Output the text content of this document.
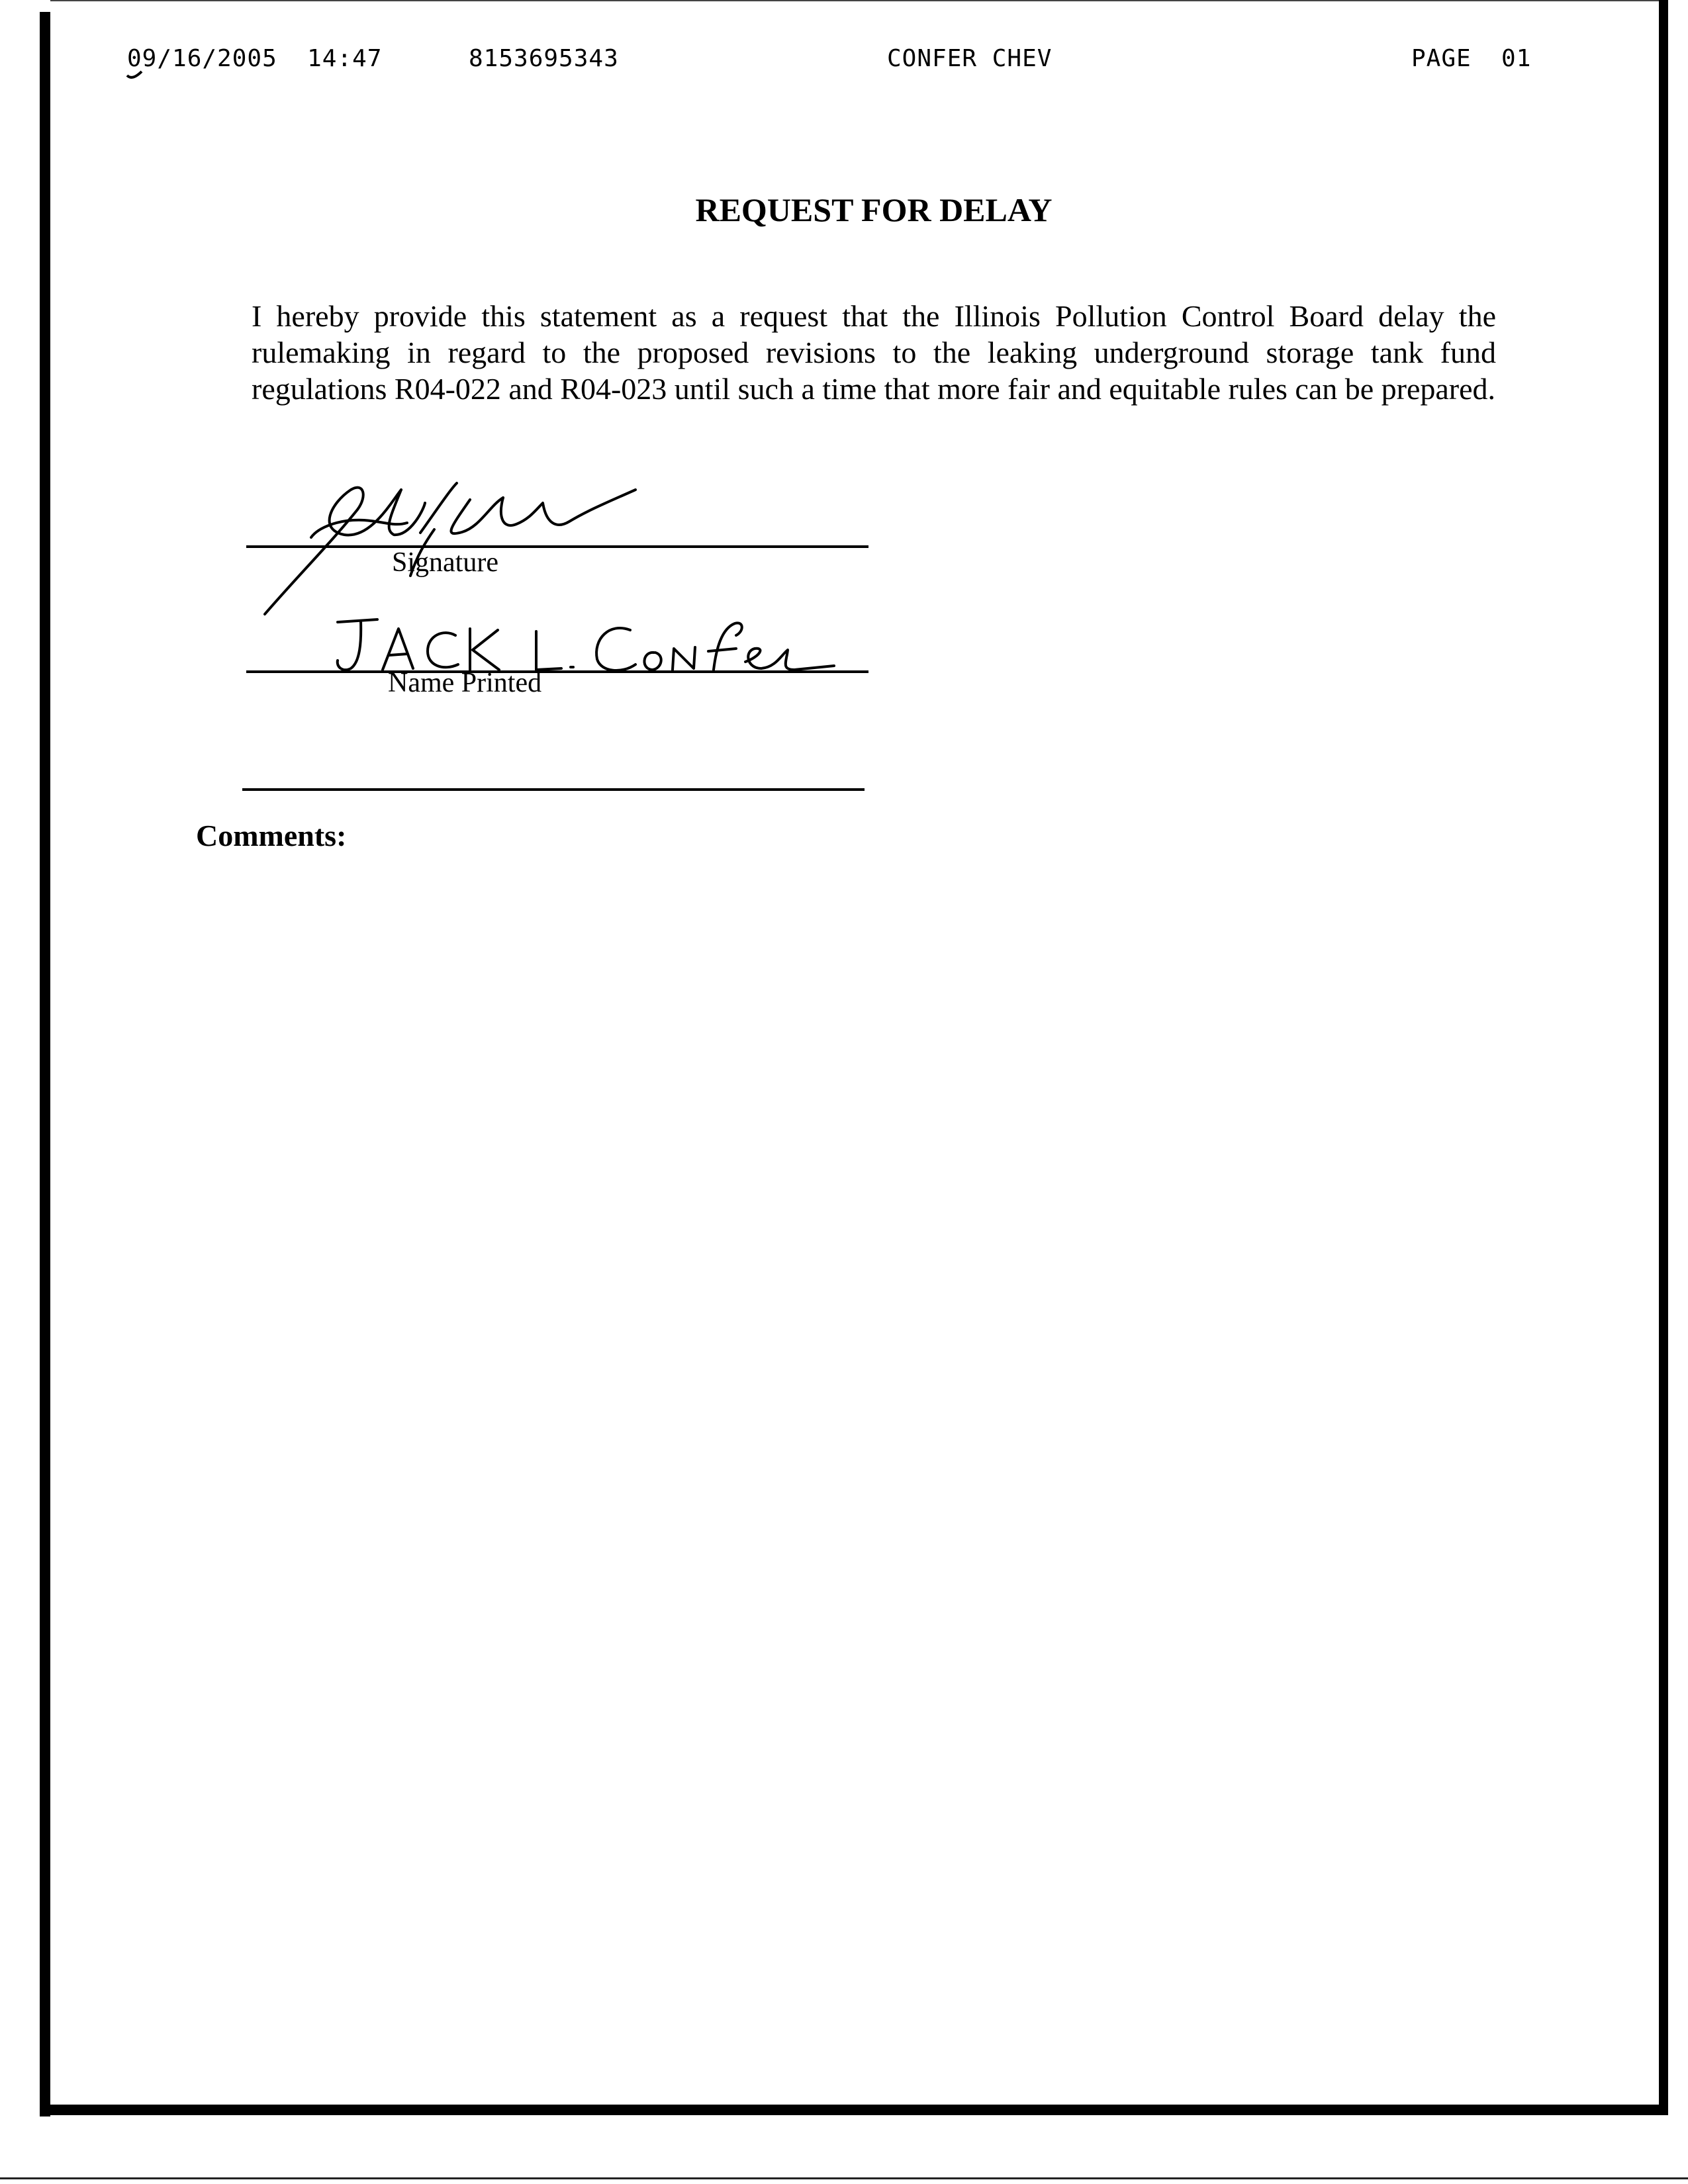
09/16/2005 14:47	8153695343	CONFER CHEV	PAGE  01
REQUEST FOR DELAY
I hereby provide this statement as a request that the Illinois Pollution Control Board delay the rulemaking in regard to the proposed revisions to the leaking underground storage tank fund regulations R04-022 and R04-023 until such a time that more fair and equitable rules can be prepared.
Signature
Name Printed
Comments:
